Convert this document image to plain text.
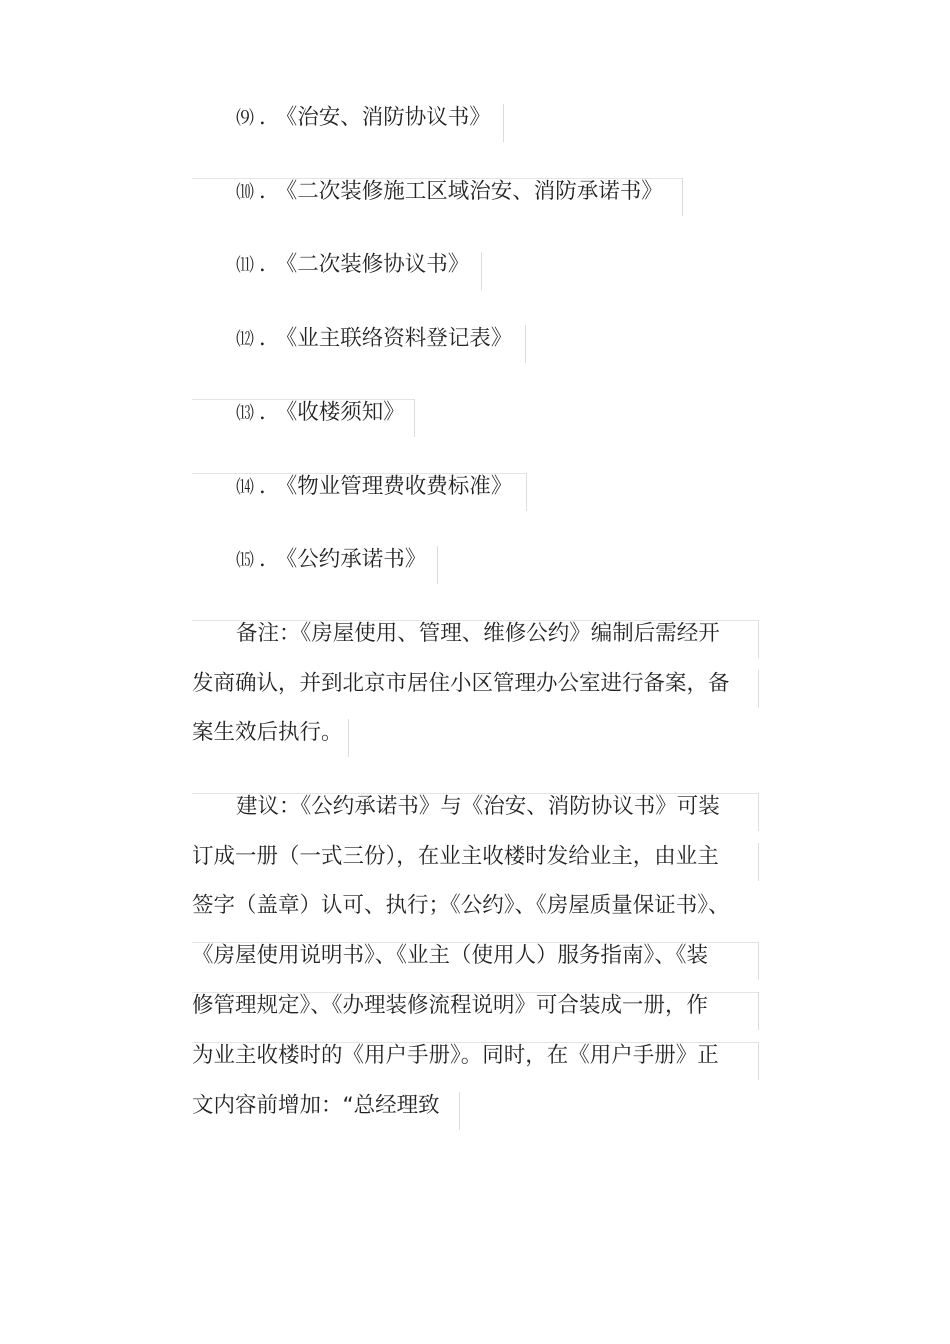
⑼ ． 《治安、消防协议书》
⑽ ． 《二次装修施工区域治安、消防承诺书》
⑾ ． 《二次装修协议书》
⑿ ． 《业主联络资料登记表》
⒀ ． 《收楼须知》
⒁ ． 《物业管理费收费标准》
⒂ ． 《公约承诺书》
备注：《房屋使用、管理、维修公约》编制后需经开
发商确认，并到北京市居住小区管理办公室进行备案，备
案生效后执行。
建议：《公约承诺书》与《治安、消防协议书》可装
订成一册（一式三份），在业主收楼时发给业主，由业主
签字（盖章）认可、执行；《公约》、《房屋质量保证书》、
《房屋使用说明书》、《业主（使用人）服务指南》、《装
修管理规定》、《办理装修流程说明》可合装成一册，作
为业主收楼时的《用户手册》。同时，在《用户手册》正
文内容前增加：“总经理致
